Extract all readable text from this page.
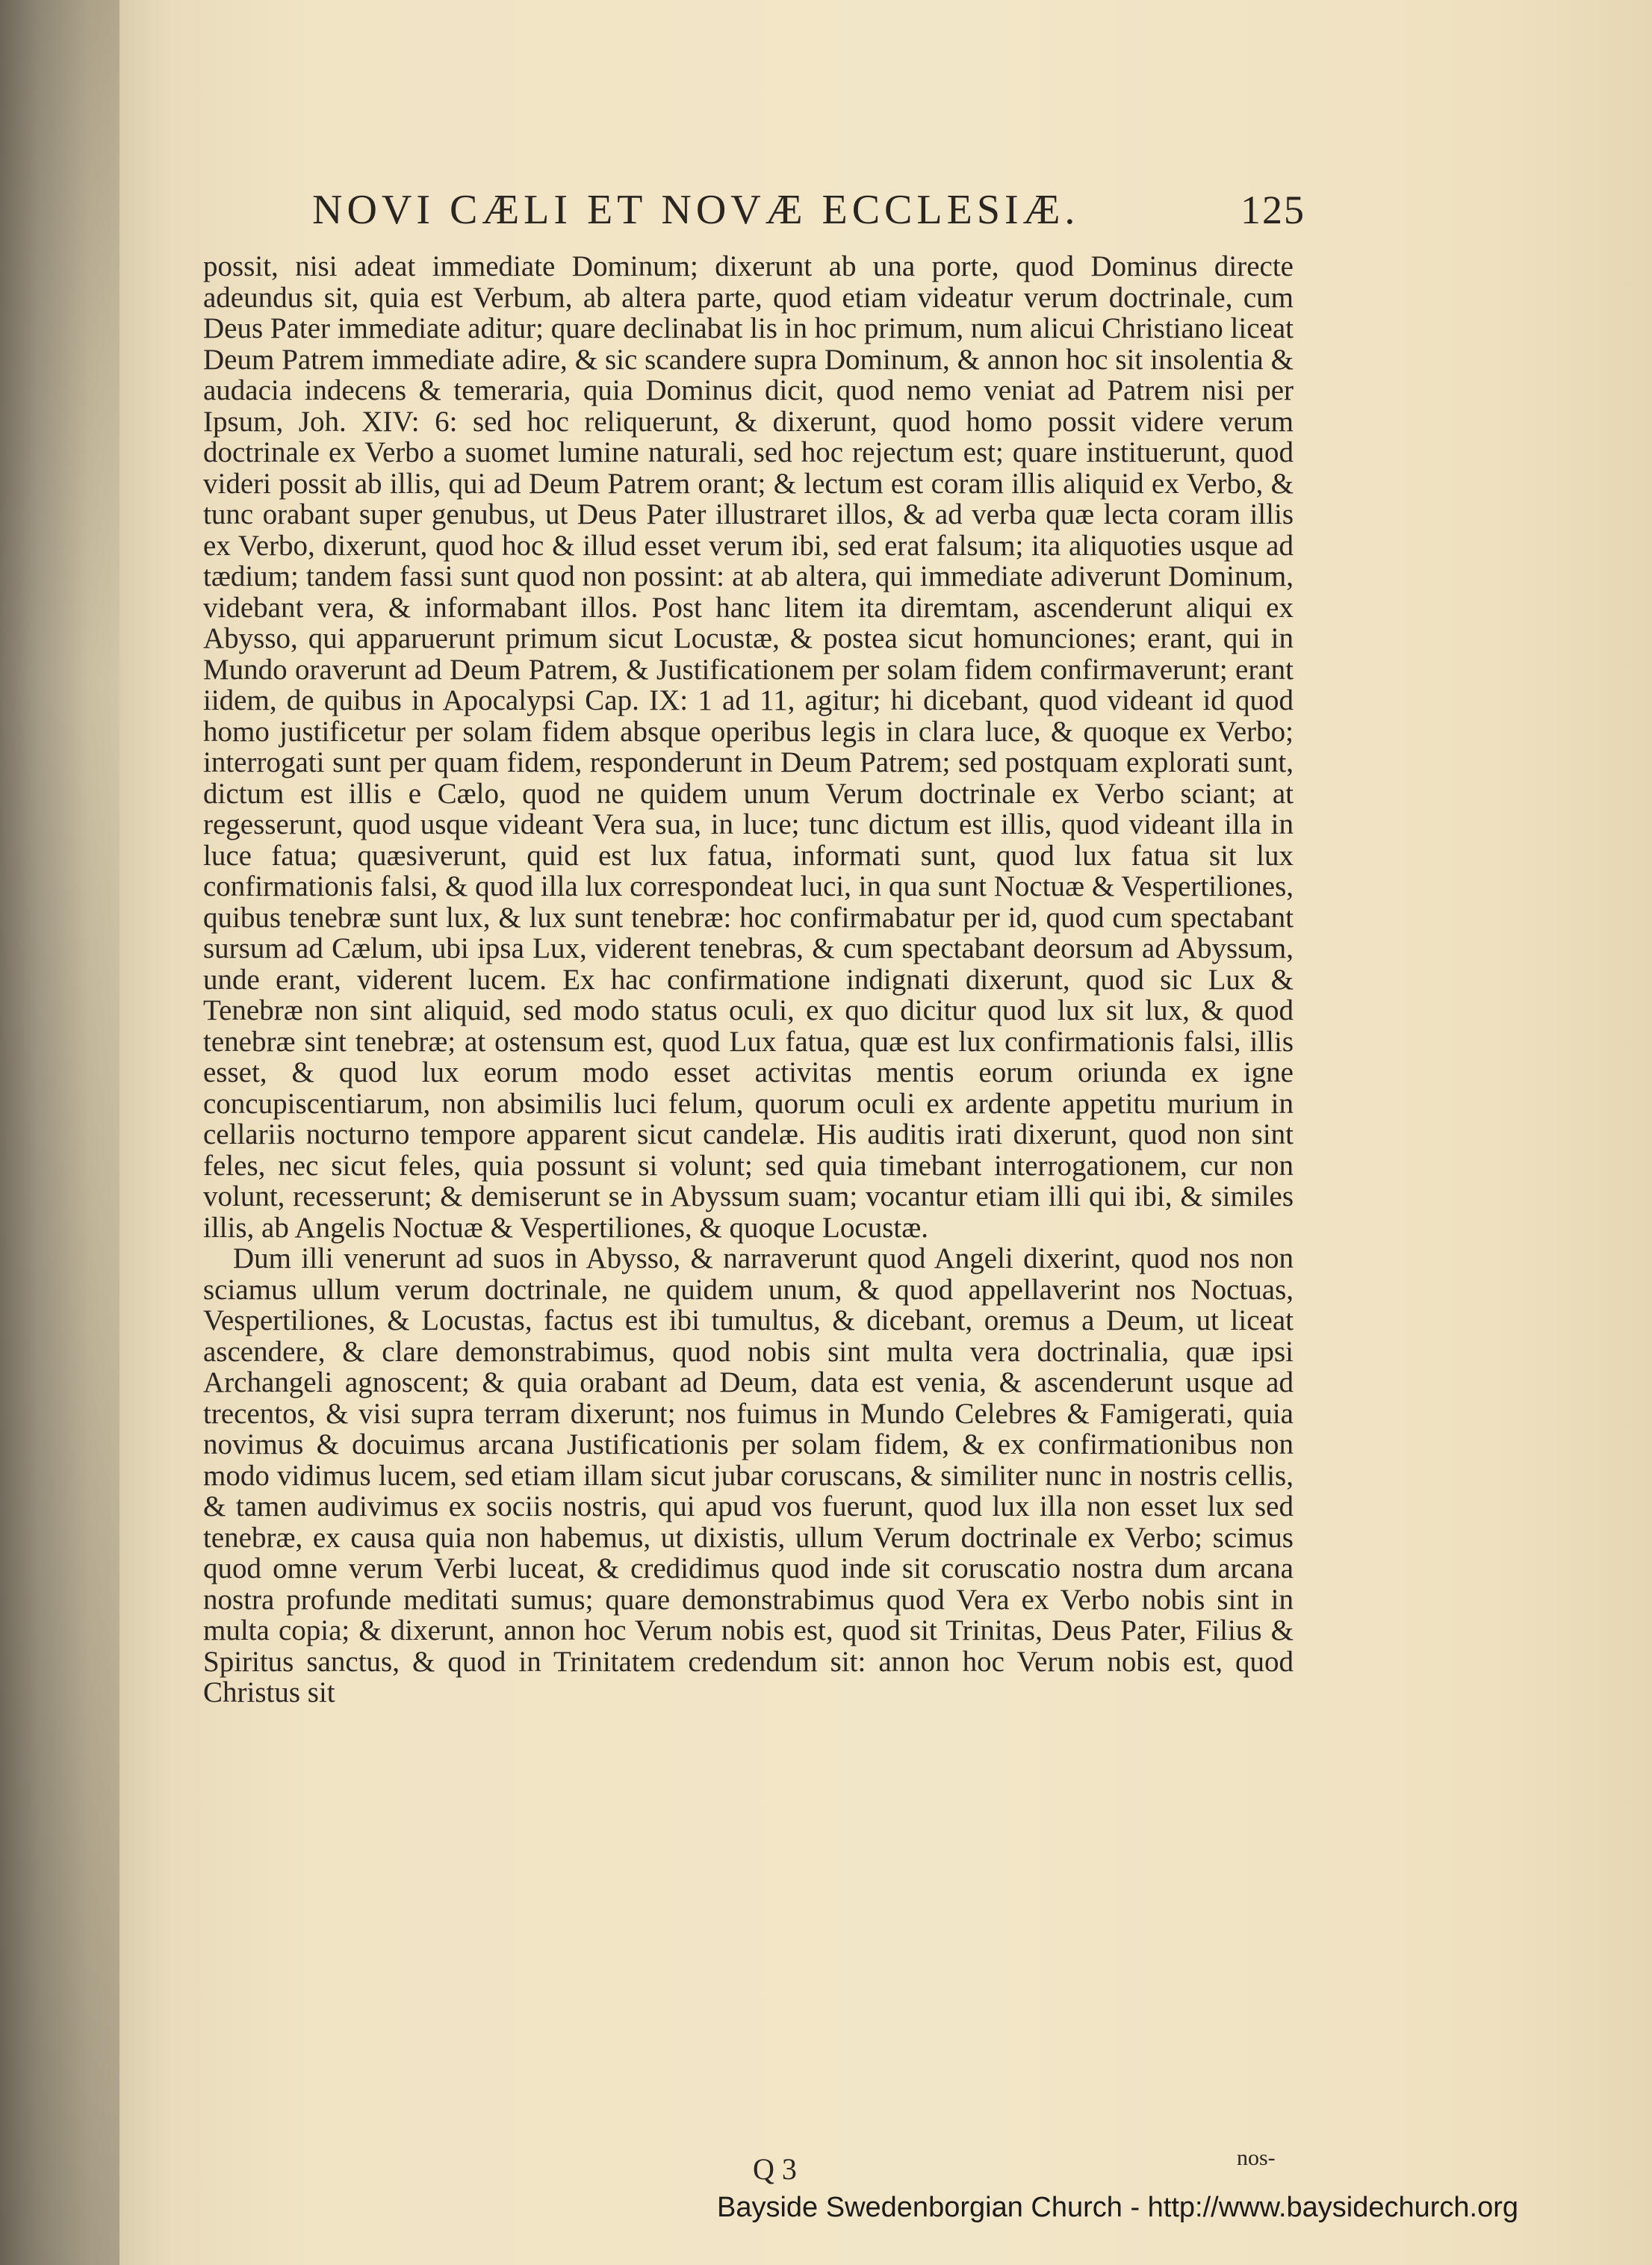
NOVI CÆLI ET NOVÆ ECCLESIÆ.	125

possit, nisi adeat immediate Dominum; dixerunt ab una porte, quod Dominus directe adeundus sit, quia est Verbum, ab altera parte, quod etiam videatur verum doctrinale, cum Deus Pater immediate aditur; quare declinabat lis in hoc primum, num alicui Christiano liceat Deum Patrem immediate adire, & sic scandere supra Dominum, & annon hoc sit insolentia & audacia indecens & temeraria, quia Dominus dicit, quod nemo veniat ad Patrem nisi per Ipsum, Joh. XIV: 6: sed hoc reliquerunt, & dixerunt, quod homo possit videre verum doctrinale ex Verbo a suomet lumine naturali, sed hoc rejectum est; quare instituerunt, quod videri possit ab illis, qui ad Deum Patrem orant; & lectum est coram illis aliquid ex Verbo, & tunc orabant super genubus, ut Deus Pater illustraret illos, & ad verba quæ lecta coram illis ex Verbo, dixerunt, quod hoc & illud esset verum ibi, sed erat falsum; ita aliquoties usque ad tædium; tandem fassi sunt quod non possint: at ab altera, qui immediate adiverunt Dominum, videbant vera, & informabant illos. Post hanc litem ita diremtam, ascenderunt aliqui ex Abysso, qui apparuerunt primum sicut Locustæ, & postea sicut homunciones; erant, qui in Mundo oraverunt ad Deum Patrem, & Justificationem per solam fidem confirmaverunt; erant iidem, de quibus in Apocalypsi Cap. IX: 1 ad 11, agitur; hi dicebant, quod videant id quod homo justificetur per solam fidem absque operibus legis in clara luce, & quoque ex Verbo; interrogati sunt per quam fidem, responderunt in Deum Patrem; sed postquam explorati sunt, dictum est illis e Cælo, quod ne quidem unum Verum doctrinale ex Verbo sciant; at regesserunt, quod usque videant Vera sua, in luce; tunc dictum est illis, quod videant illa in luce fatua; quæsiverunt, quid est lux fatua, informati sunt, quod lux fatua sit lux confirmationis falsi, & quod illa lux correspondeat luci, in qua sunt Noctuæ & Vespertiliones, quibus tenebræ sunt lux, & lux sunt tenebræ: hoc confirmabatur per id, quod cum spectabant sursum ad Cælum, ubi ipsa Lux, viderent tenebras, & cum spectabant deorsum ad Abyssum, unde erant, viderent lucem. Ex hac confirmatione indignati dixerunt, quod sic Lux & Tenebræ non sint aliquid, sed modo status oculi, ex quo dicitur quod lux sit lux, & quod tenebræ sint tenebræ; at ostensum est, quod Lux fatua, quæ est lux confirmationis falsi, illis esset, & quod lux eorum modo esset activitas mentis eorum oriunda ex igne concupiscentiarum, non absimilis luci felum, quorum oculi ex ardente appetitu murium in cellariis nocturno tempore apparent sicut candelæ. His auditis irati dixerunt, quod non sint feles, nec sicut feles, quia possunt si volunt; sed quia timebant interrogationem, cur non volunt, recesserunt; & demiserunt se in Abyssum suam; vocantur etiam illi qui ibi, & similes illis, ab Angelis Noctuæ & Vespertiliones, & quoque Locustæ.

Dum illi venerunt ad suos in Abysso, & narraverunt quod Angeli dixerint, quod nos non sciamus ullum verum doctrinale, ne quidem unum, & quod appellaverint nos Noctuas, Vespertiliones, & Locustas, factus est ibi tumultus, & dicebant, oremus a Deum, ut liceat ascendere, & clare demonstrabimus, quod nobis sint multa vera doctrinalia, quæ ipsi Archangeli agnoscent; & quia orabant ad Deum, data est venia, & ascenderunt usque ad trecentos, & visi supra terram dixerunt; nos fuimus in Mundo Celebres & Famigerati, quia novimus & docuimus arcana Justificationis per solam fidem, & ex confirmationibus non modo vidimus lucem, sed etiam illam sicut jubar coruscans, & similiter nunc in nostris cellis, & tamen audivimus ex sociis nostris, qui apud vos fuerunt, quod lux illa non esset lux sed tenebræ, ex causa quia non habemus, ut dixistis, ullum Verum doctrinale ex Verbo; scimus quod omne verum Verbi luceat, & credidimus quod inde sit coruscatio nostra dum arcana nostra profunde meditati sumus; quare demonstrabimus quod Vera ex Verbo nobis sint in multa copia; & dixerunt, annon hoc Verum nobis est, quod sit Trinitas, Deus Pater, Filius & Spiritus sanctus, & quod in Trinitatem credendum sit: annon hoc Verum nobis est, quod Christus sit

Bayside Swedenborgian Church - http://www.baysidechurch.org
Q 3	nos-
